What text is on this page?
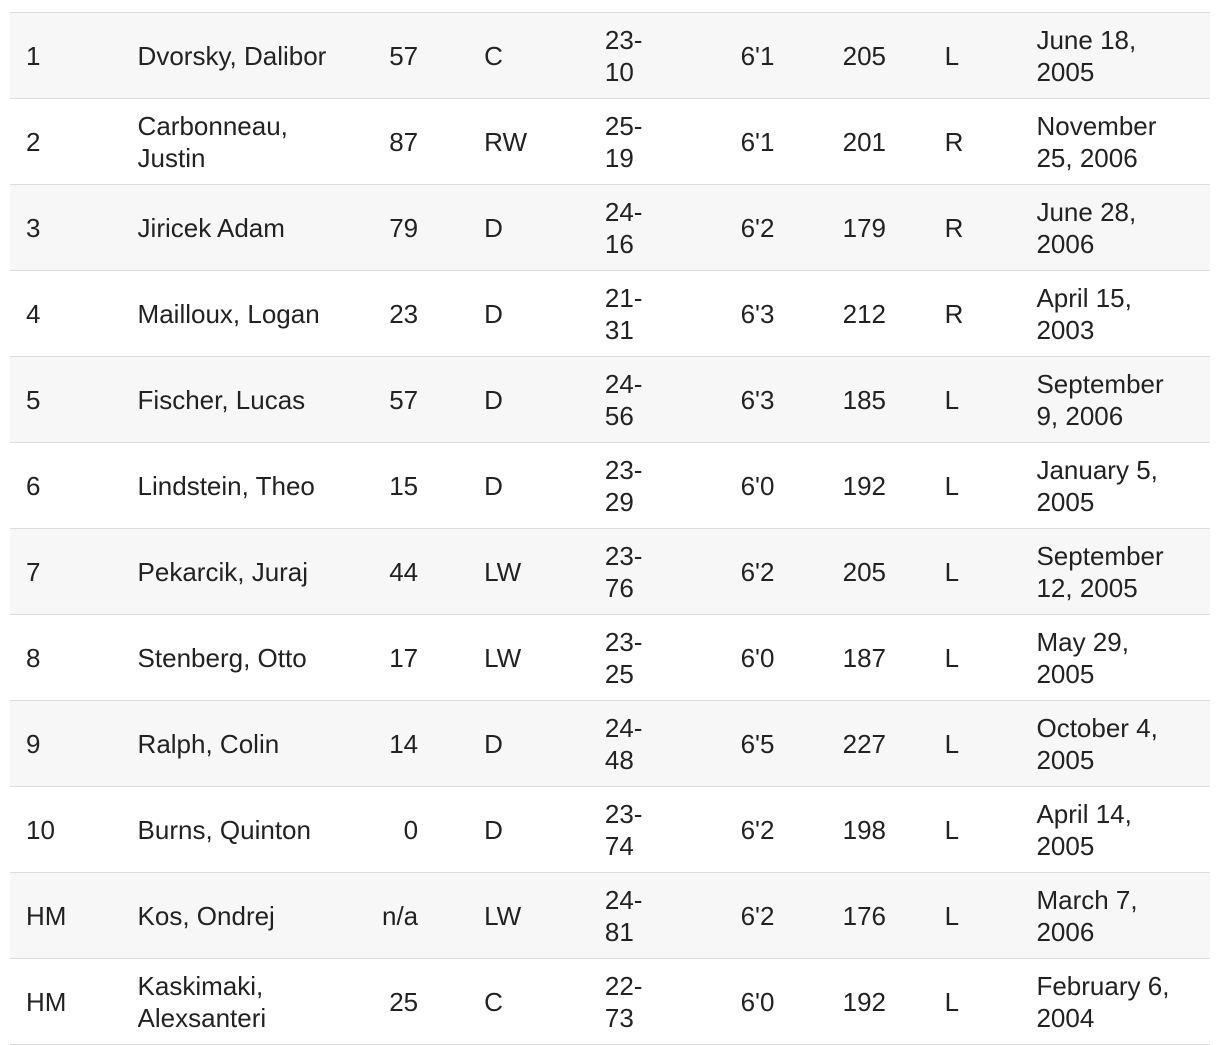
1	Dvorsky, Dalibor	57	C	23-10	6'1	205	L	June 18, 2005

2	Carbonneau, Justin	87	RW	25-19	6'1	201	R	November 25, 2006

3	Jiricek Adam	79	D	24-16	6'2	179	R	June 28, 2006

4	Mailloux, Logan	23	D	21-31	6'3	212	R	April 15, 2003

5	Fischer, Lucas	57	D	24-56	6'3	185	L	September 9, 2006

6	Lindstein, Theo	15	D	23-29	6'0	192	L	January 5, 2005

7	Pekarcik, Juraj	44	LW	23-76	6'2	205	L	September 12, 2005

8	Stenberg, Otto	17	LW	23-25	6'0	187	L	May 29, 2005

9	Ralph, Colin	14	D	24-48	6'5	227	L	October 4, 2005

10	Burns, Quinton	0	D	23-74	6'2	198	L	April 14, 2005

HM	Kos, Ondrej	n/a	LW	24-81	6'2	176	L	March 7, 2006

HM	Kaskimaki, Alexsanteri	25	C	22-73	6'0	192	L	February 6, 2004
